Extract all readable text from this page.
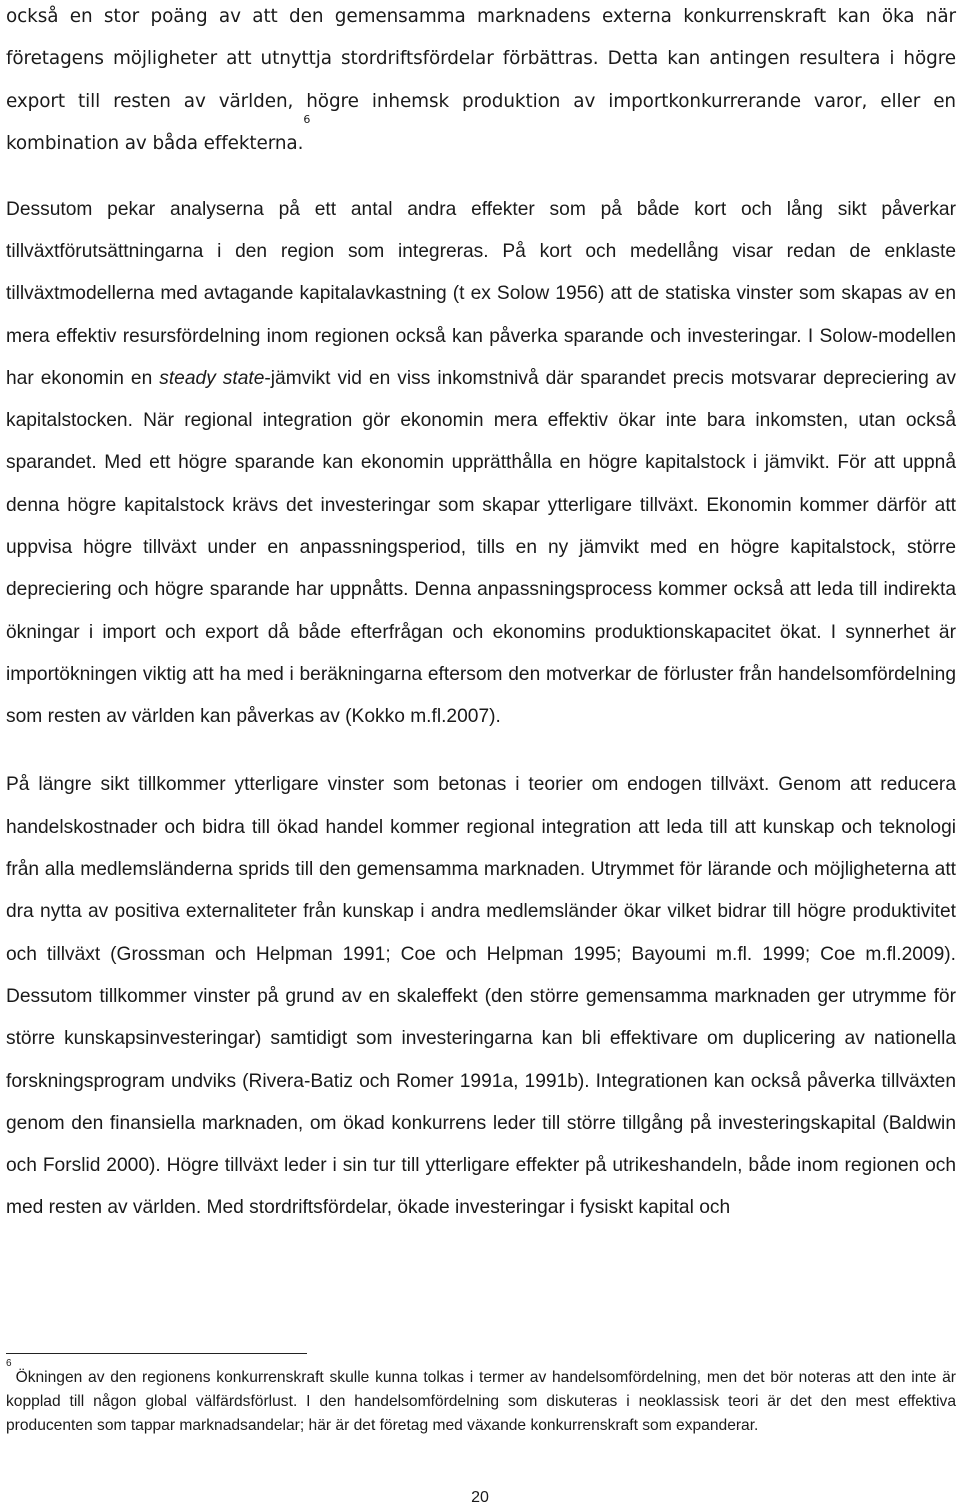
också en stor poäng av att den gemensamma marknadens externa konkurrenskraft kan öka när företagens möjligheter att utnyttja stordriftsfördelar förbättras. Detta kan antingen resultera i högre export till resten av världen, högre inhemsk produktion av importkonkurrerande varor, eller en kombination av båda effekterna.$^6$

Dessutom pekar analyserna på ett antal andra effekter som på både kort och lång sikt påverkar tillväxtförutsättningarna i den region som integreras. På kort och medellång visar redan de enklaste tillväxtmodellerna med avtagande kapitalavkastning (t ex Solow 1956) att de statiska vinster som skapas av en mera effektiv resursfördelning inom regionen också kan påverka sparande och investeringar. I Solow-modellen har ekonomin en steady state-jämvikt vid en viss inkomstnivå där sparandet precis motsvarar depreciering av kapitalstocken. När regional integration gör ekonomin mera effektiv ökar inte bara inkomsten, utan också sparandet. Med ett högre sparande kan ekonomin upprätthålla en högre kapitalstock i jämvikt. För att uppnå denna högre kapitalstock krävs det investeringar som skapar ytterligare tillväxt. Ekonomin kommer därför att uppvisa högre tillväxt under en anpassningsperiod, tills en ny jämvikt med en högre kapitalstock, större depreciering och högre sparande har uppnåtts. Denna anpassningsprocess kommer också att leda till indirekta ökningar i import och export då både efterfrågan och ekonomins produktionskapacitet ökat. I synnerhet är importökningen viktig att ha med i beräkningarna eftersom den motverkar de förluster från handelsomfördelning som resten av världen kan påverkas av (Kokko m.fl.2007).

På längre sikt tillkommer ytterligare vinster som betonas i teorier om endogen tillväxt. Genom att reducera handelskostnader och bidra till ökad handel kommer regional integration att leda till att kunskap och teknologi från alla medlemsländerna sprids till den gemensamma marknaden. Utrymmet för lärande och möjligheterna att dra nytta av positiva externaliteter från kunskap i andra medlemsländer ökar vilket bidrar till högre produktivitet och tillväxt (Grossman och Helpman 1991; Coe och Helpman 1995; Bayoumi m.fl. 1999; Coe m.fl.2009). Dessutom tillkommer vinster på grund av en skaleffekt (den större gemensamma marknaden ger utrymme för större kunskapsinvesteringar) samtidigt som investeringarna kan bli effektivare om duplicering av nationella forskningsprogram undviks (Rivera-Batiz och Romer 1991a, 1991b). Integrationen kan också påverka tillväxten genom den finansiella marknaden, om ökad konkurrens leder till större tillgång på investeringskapital (Baldwin och Forslid 2000). Högre tillväxt leder i sin tur till ytterligare effekter på utrikeshandeln, både inom regionen och med resten av världen. Med stordriftsfördelar, ökade investeringar i fysiskt kapital och

$^6$Ökningen av den regionens konkurrenskraft skulle kunna tolkas i termer av handelsomfördelning, men det bör noteras att den inte är kopplad till någon global välfärdsförlust. I den handelsomfördelning som diskuteras i neoklassisk teori är det den mest effektiva producenten som tappar marknadsandelar; här är det företag med växande konkurrenskraft som expanderar.

20
